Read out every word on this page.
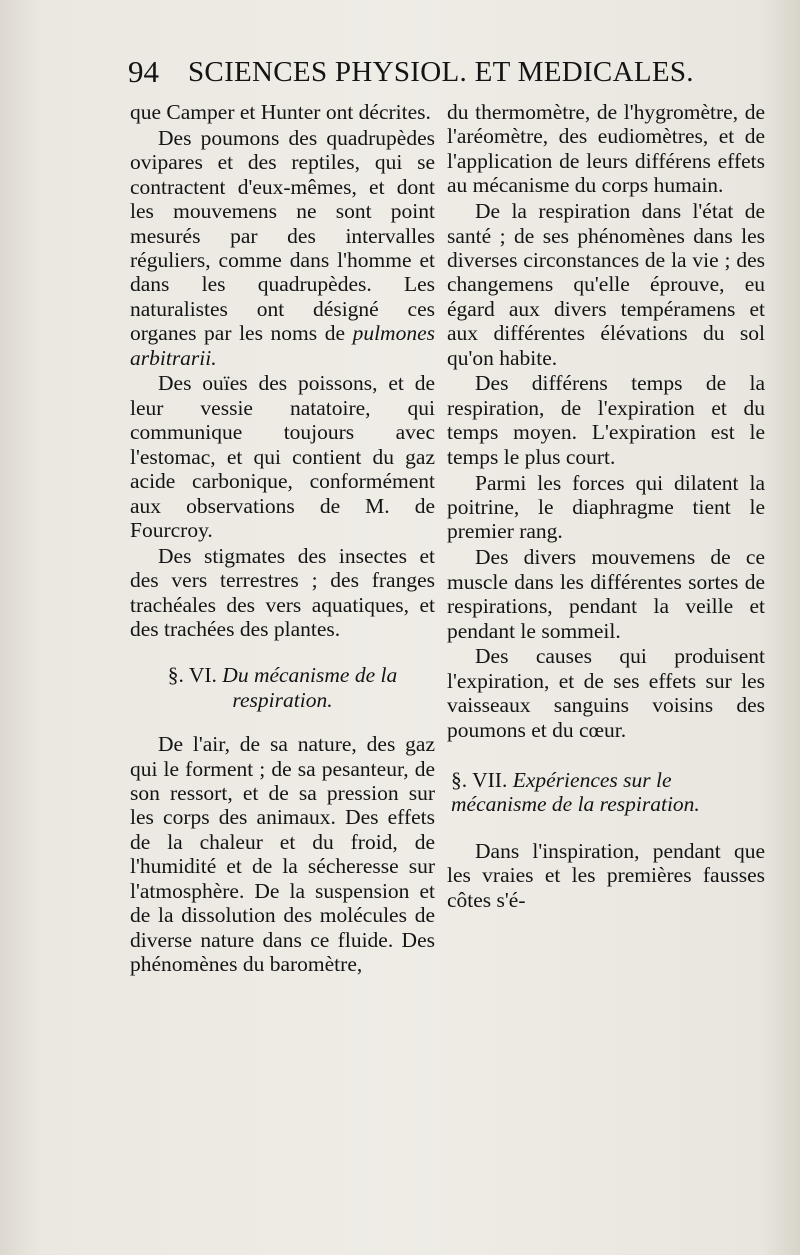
94 SCIENCES PHYSIOL. ET MEDICALES.

que Camper et Hunter ont décrites.

Des poumons des quadrupèdes ovipares et des reptiles, qui se contractent d'eux-mêmes, et dont les mouvemens ne sont point mesurés par des intervalles réguliers, comme dans l'homme et dans les quadrupèdes. Les naturalistes ont désigné ces organes par les noms de pulmones arbitrarii.

Des ouïes des poissons, et de leur vessie natatoire, qui communique toujours avec l'estomac, et qui contient du gaz acide carbonique, conformément aux observations de M. de Fourcroy.

Des stigmates des insectes et des vers terrestres ; des franges trachéales des vers aquatiques, et des trachées des plantes.

§. VI. Du mécanisme de la respiration.

De l'air, de sa nature, des gaz qui le forment ; de sa pesanteur, de son ressort, et de sa pression sur les corps des animaux. Des effets de la chaleur et du froid, de l'humidité et de la sécheresse sur l'atmosphère. De la suspension et de la dissolution des molécules de diverse nature dans ce fluide. Des phénomènes du baromètre,

du thermomètre, de l'hygromètre, de l'aréomètre, des eudiomètres, et de l'application de leurs différens effets au mécanisme du corps humain.

De la respiration dans l'état de santé ; de ses phénomènes dans les diverses circonstances de la vie ; des changemens qu'elle éprouve, eu égard aux divers tempéramens et aux différentes élévations du sol qu'on habite.

Des différens temps de la respiration, de l'expiration et du temps moyen. L'expiration est le temps le plus court.

Parmi les forces qui dilatent la poitrine, le diaphragme tient le premier rang.

Des divers mouvemens de ce muscle dans les différentes sortes de respirations, pendant la veille et pendant le sommeil.

Des causes qui produisent l'expiration, et de ses effets sur les vaisseaux sanguins voisins des poumons et du cœur.

§. VII. Expériences sur le mécanisme de la respiration.

Dans l'inspiration, pendant que les vraies et les premières fausses côtes s'é-
